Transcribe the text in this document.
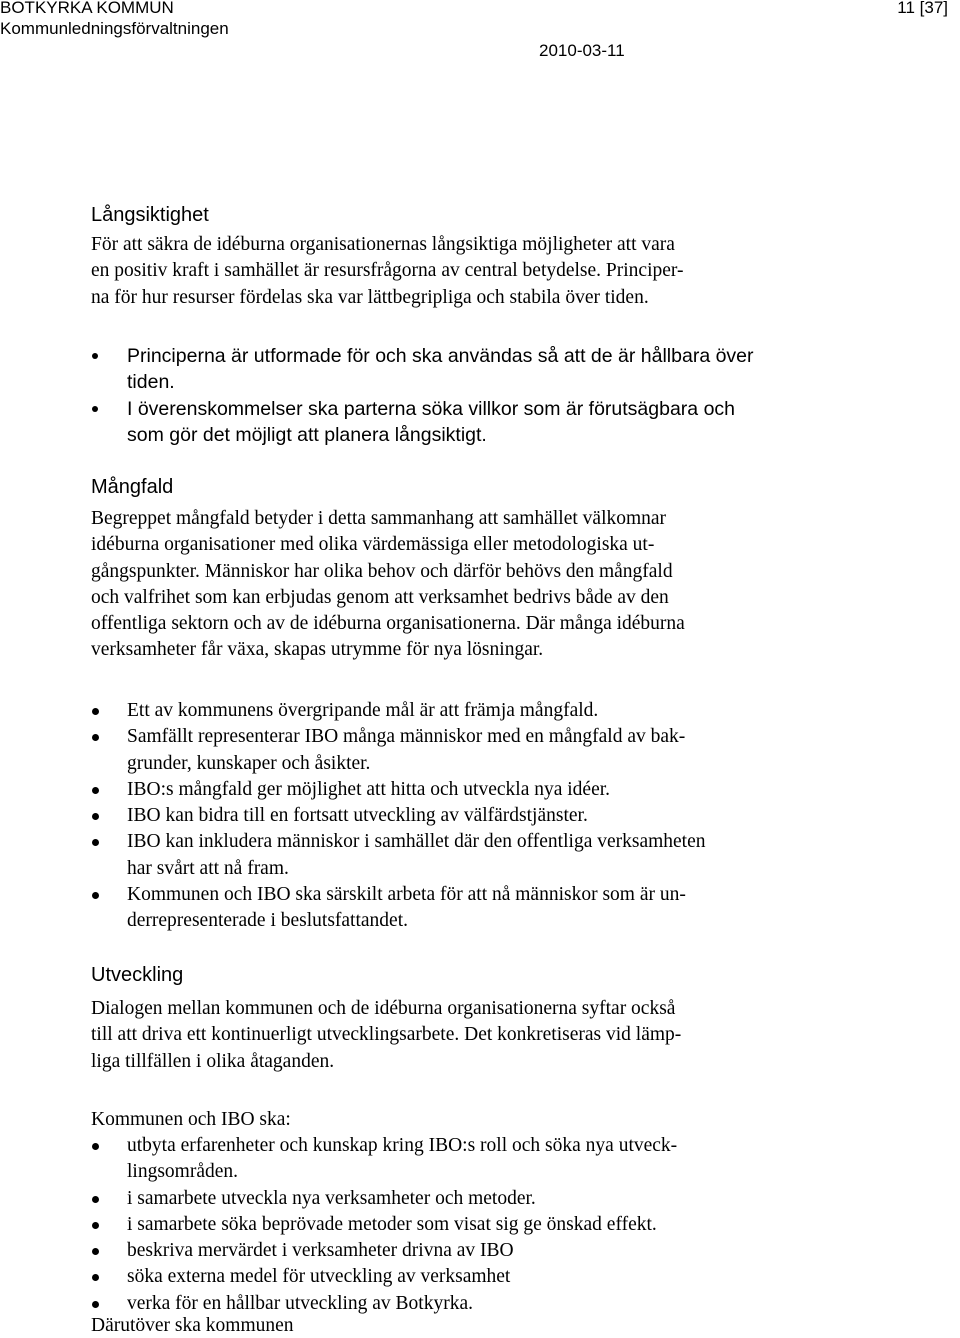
BOTKYRKA KOMMUN
Kommunledningsförvaltningen
11 [37]
2010-03-11
Långsiktighet
För att säkra de idéburna organisationernas långsiktiga möjligheter att vara
en positiv kraft i samhället är resursfrågorna av central betydelse. Principer-
na för hur resurser fördelas ska var lättbegripliga och stabila över tiden.
Principerna är utformade för och ska användas så att de är hållbara över
tiden.
I överenskommelser ska parterna söka villkor som är förutsägbara och
som gör det möjligt att planera långsiktigt.
Mångfald
Begreppet mångfald betyder i detta sammanhang att samhället välkomnar
idéburna organisationer med olika värdemässiga eller metodologiska ut-
gångspunkter. Människor har olika behov och därför behövs den mångfald
och valfrihet som kan erbjudas genom att verksamhet bedrivs både av den
offentliga sektorn och av de idéburna organisationerna. Där många idéburna
verksamheter får växa, skapas utrymme för nya lösningar.
Ett av kommunens övergripande mål är att främja mångfald.
Samfällt representerar IBO många människor med en mångfald av bak-
grunder, kunskaper och åsikter.
IBO:s mångfald ger möjlighet att hitta och utveckla nya idéer.
IBO kan bidra till en fortsatt utveckling av välfärdstjänster.
IBO kan inkludera människor i samhället där den offentliga verksamheten
har svårt att nå fram.
Kommunen och IBO ska särskilt arbeta för att nå människor som är un-
derrepresenterade i beslutsfattandet.
Utveckling
Dialogen mellan kommunen och de idéburna organisationerna syftar också
till att driva ett kontinuerligt utvecklingsarbete. Det konkretiseras vid lämp-
liga tillfällen i olika åtaganden.
Kommunen och IBO ska:
utbyta erfarenheter och kunskap kring IBO:s roll och söka nya utveck-
lingsområden.
i samarbete utveckla nya verksamheter och metoder.
i samarbete söka beprövade metoder som visat sig ge önskad effekt.
beskriva mervärdet i verksamheter drivna av IBO
söka externa medel för utveckling av verksamhet
verka för en hållbar utveckling av Botkyrka.
Därutöver ska kommunen
